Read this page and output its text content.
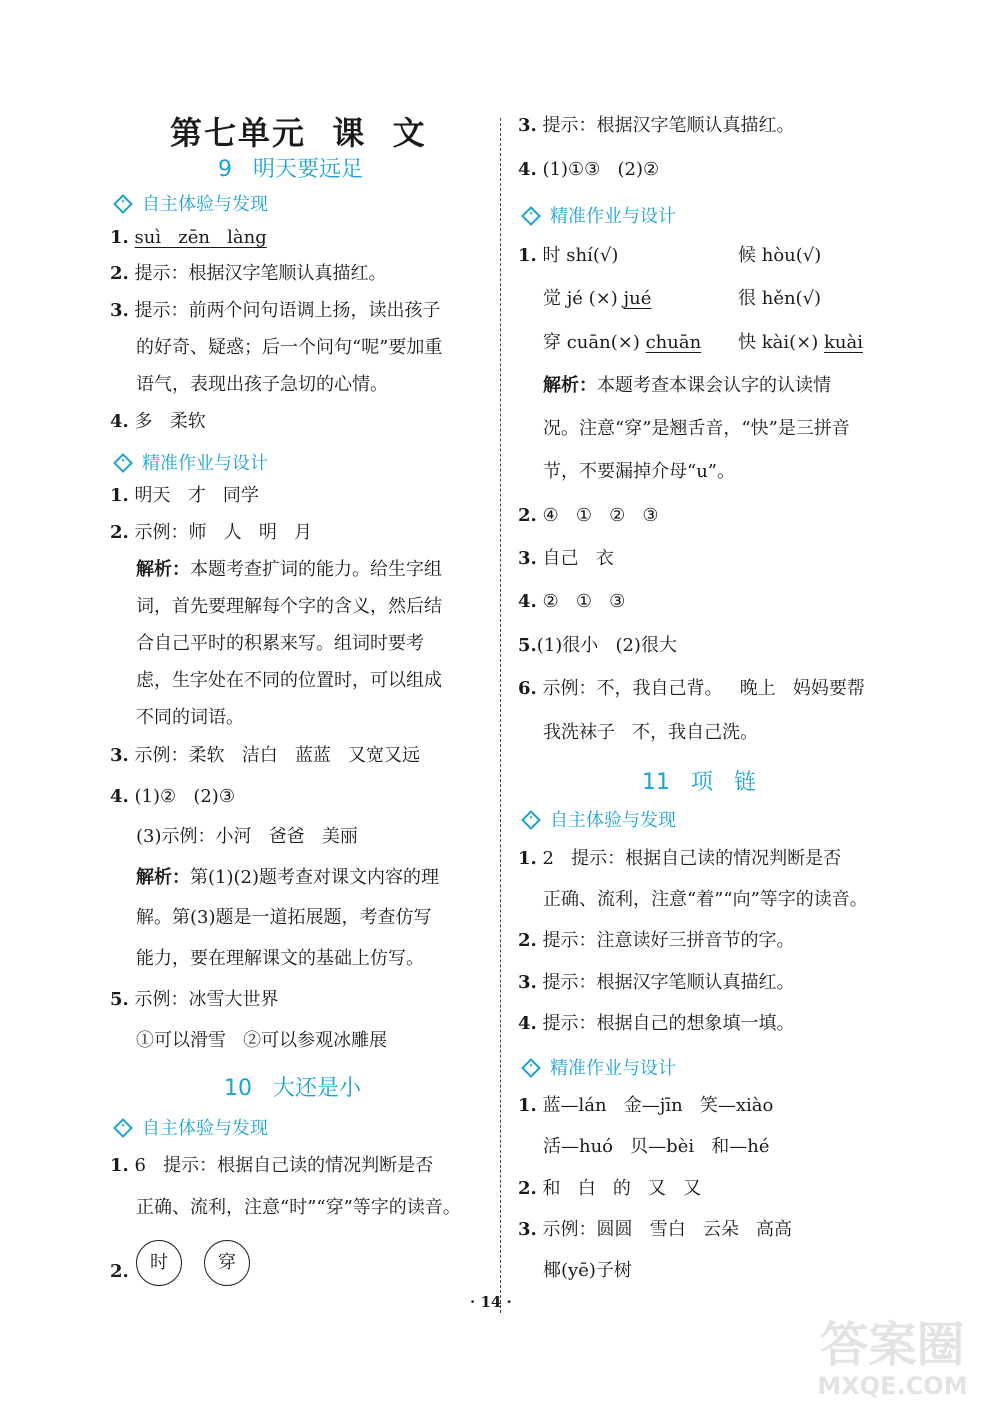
第七单元  课  文
9   明天要远足
自主体验与发现
1. suì   zēn   làng
2. 提示：根据汉字笔顺认真描红。
3. 提示：前两个问句语调上扬，读出孩子
的好奇、疑惑；后一个问句“呢”要加重
语气，表现出孩子急切的心情。
4. 多   柔软
精准作业与设计
1. 明天   才   同学
2. 示例：师   人   明   月
解析：本题考查扩词的能力。给生字组
词，首先要理解每个字的含义，然后结
合自己平时的积累来写。组词时要考
虑，生字处在不同的位置时，可以组成
不同的词语。
3. 示例：柔软   洁白   蓝蓝   又宽又远
4. (1)②   (2)③
(3)示例：小河   爸爸   美丽
解析：第(1)(2)题考查对课文内容的理
解。第(3)题是一道拓展题，考查仿写
能力，要在理解课文的基础上仿写。
5. 示例：冰雪大世界
①可以滑雪   ②可以参观冰雕展
10   大还是小
自主体验与发现
1. 6   提示：根据自己读的情况判断是否
正确、流利，注意“时”“穿”等字的读音。
2.	时	穿
3. 提示：根据汉字笔顺认真描红。
4. (1)①③   (2)②
精准作业与设计
1. 时 shí(√)	候 hòu(√)
觉 jé (×) jué	很 hěn(√)
穿 cuān(×) chuān 快 kài(×) kuài
解析：本题考查本课会认字的认读情
况。注意“穿”是翘舌音，“快”是三拼音
节，不要漏掉介母“u”。
2. ④   ①   ②   ③
3. 自己   衣
4. ②   ①   ③
5.(1)很小   (2)很大
6. 示例：不，我自己背。   晚上   妈妈要帮
我洗袜子   不，我自己洗。
11   项   链
自主体验与发现
1. 2   提示：根据自己读的情况判断是否
正确、流利，注意“着”“向”等字的读音。
2. 提示：注意读好三拼音节的字。
3. 提示：根据汉字笔顺认真描红。
4. 提示：根据自己的想象填一填。
精准作业与设计
1. 蓝—lán   金—jīn   笑—xiào
活—huó   贝—bèi   和—hé
2. 和   白   的   又   又
3. 示例：圆圆   雪白   云朵   高高
椰(yē)子树
· 14 ·
答案圈
MXQE.COM
